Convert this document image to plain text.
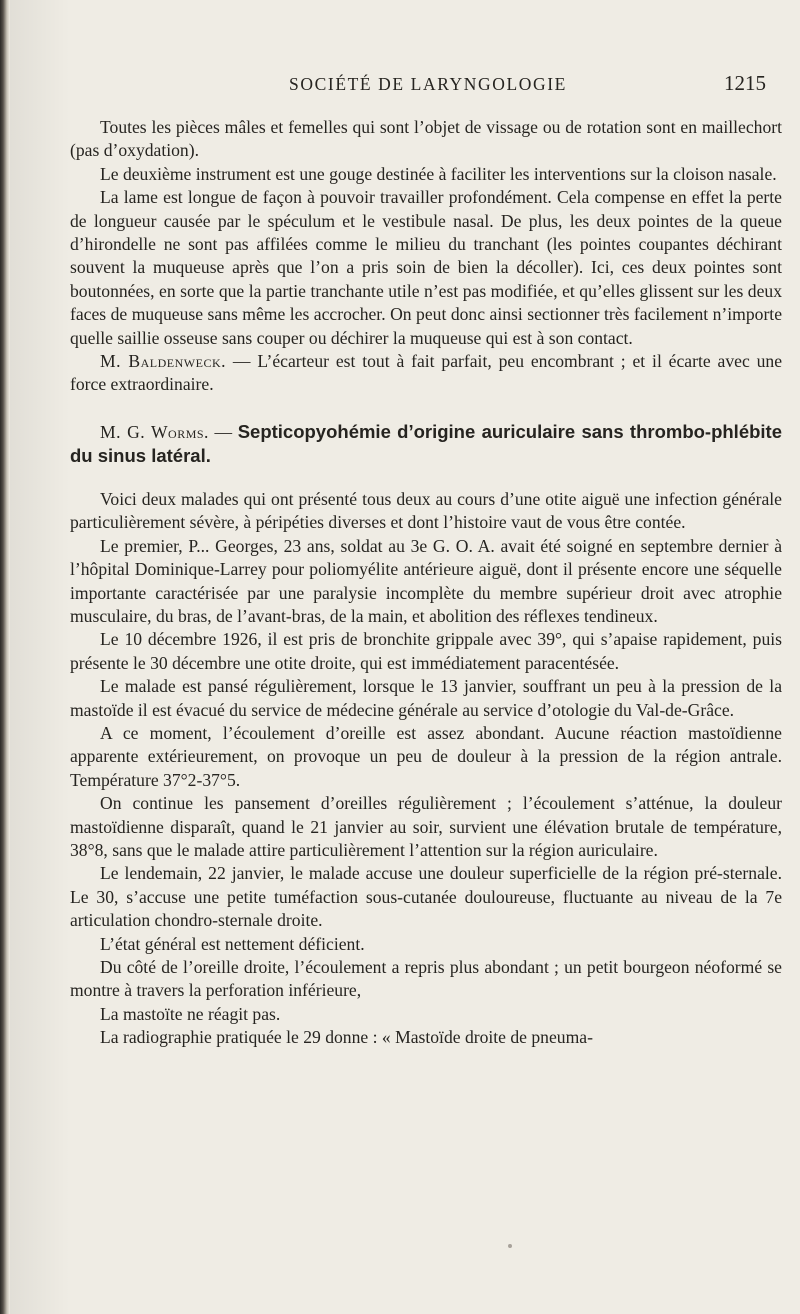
SOCIÉTÉ DE LARYNGOLOGIE	1215

Toutes les pièces mâles et femelles qui sont l’objet de vissage ou de rotation sont en maillechort (pas d’oxydation).

Le deuxième instrument est une gouge destinée à faciliter les interventions sur la cloison nasale.

La lame est longue de façon à pouvoir travailler profondément. Cela compense en effet la perte de longueur causée par le spéculum et le vestibule nasal. De plus, les deux pointes de la queue d’hirondelle ne sont pas affilées comme le milieu du tranchant (les pointes coupantes déchirant souvent la muqueuse après que l’on a pris soin de bien la décoller). Ici, ces deux pointes sont boutonnées, en sorte que la partie tranchante utile n’est pas modifiée, et qu’elles glissent sur les deux faces de muqueuse sans même les accrocher. On peut donc ainsi sectionner très facilement n’importe quelle saillie osseuse sans couper ou déchirer la muqueuse qui est à son contact.

M. Baldenweck. — L’écarteur est tout à fait parfait, peu encombrant ; et il écarte avec une force extraordinaire.

M. G. Worms. — Septicopyohémie d’origine auriculaire sans thrombo-phlébite du sinus latéral.

Voici deux malades qui ont présenté tous deux au cours d’une otite aiguë une infection générale particulièrement sévère, à péripéties diverses et dont l’histoire vaut de vous être contée.

Le premier, P... Georges, 23 ans, soldat au 3e G. O. A. avait été soigné en septembre dernier à l’hôpital Dominique-Larrey pour poliomyélite antérieure aiguë, dont il présente encore une séquelle importante caractérisée par une paralysie incomplète du membre supérieur droit avec atrophie musculaire, du bras, de l’avant-bras, de la main, et abolition des réflexes tendineux.

Le 10 décembre 1926, il est pris de bronchite grippale avec 39°, qui s’apaise rapidement, puis présente le 30 décembre une otite droite, qui est immédiatement paracentésée.

Le malade est pansé régulièrement, lorsque le 13 janvier, souffrant un peu à la pression de la mastoïde il est évacué du service de médecine générale au service d’otologie du Val-de-Grâce.

A ce moment, l’écoulement d’oreille est assez abondant. Aucune réaction mastoïdienne apparente extérieurement, on provoque un peu de douleur à la pression de la région antrale. Température 37°2-37°5.

On continue les pansement d’oreilles régulièrement ; l’écoulement s’atténue, la douleur mastoïdienne disparaît, quand le 21 janvier au soir, survient une élévation brutale de température, 38°8, sans que le malade attire particulièrement l’attention sur la région auriculaire.

Le lendemain, 22 janvier, le malade accuse une douleur superficielle de la région pré-sternale. Le 30, s’accuse une petite tuméfaction sous-cutanée douloureuse, fluctuante au niveau de la 7e articulation chondro-sternale droite.

L’état général est nettement déficient.

Du côté de l’oreille droite, l’écoulement a repris plus abondant ; un petit bourgeon néoformé se montre à travers la perforation inférieure,

La mastoïte ne réagit pas.

La radiographie pratiquée le 29 donne : « Mastoïde droite de pneuma-
